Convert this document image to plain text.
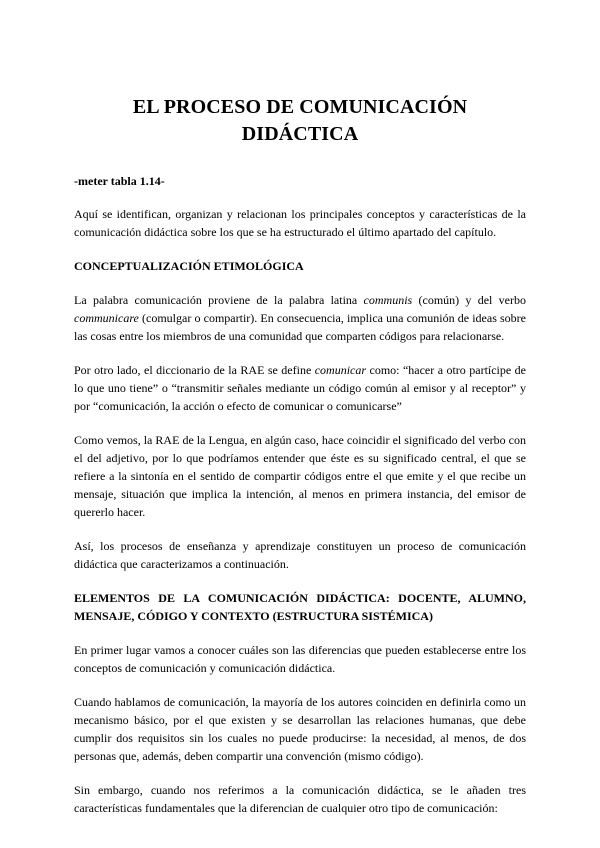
EL PROCESO DE COMUNICACIÓN DIDÁCTICA
-meter tabla 1.14-

Aquí se identifican, organizan y relacionan los principales conceptos y características de la comunicación didáctica sobre los que se ha estructurado el último apartado del capítulo.

CONCEPTUALIZACIÓN ETIMOLÓGICA

La palabra comunicación proviene de la palabra latina communis (común) y del verbo communicare (comulgar o compartir). En consecuencia, implica una comunión de ideas sobre las cosas entre los miembros de una comunidad que comparten códigos para relacionarse.

Por otro lado, el diccionario de la RAE se define comunicar como: “hacer a otro partícipe de lo que uno tiene” o “transmitir señales mediante un código común al emisor y al receptor” y por “comunicación, la acción o efecto de comunicar o comunicarse”

Como vemos, la RAE de la Lengua, en algún caso, hace coincidir el significado del verbo con el del adjetivo, por lo que podríamos entender que éste es su significado central, el que se refiere a la sintonía en el sentido de compartir códigos entre el que emite y el que recibe un mensaje, situación que implica la intención, al menos en primera instancia, del emisor de quererlo hacer.

Así, los procesos de enseñanza y aprendizaje constituyen un proceso de comunicación didáctica que caracterizamos a continuación.

ELEMENTOS DE LA COMUNICACIÓN DIDÁCTICA: DOCENTE, ALUMNO, MENSAJE, CÓDIGO Y CONTEXTO (ESTRUCTURA SISTÉMICA)

En primer lugar vamos a conocer cuáles son las diferencias que pueden establecerse entre los conceptos de comunicación y comunicación didáctica.

Cuando hablamos de comunicación, la mayoría de los autores coinciden en definirla como un mecanismo básico, por el que existen y se desarrollan las relaciones humanas, que debe cumplir dos requisitos sin los cuales no puede producirse: la necesidad, al menos, de dos personas que, además, deben compartir una convención (mismo código).

Sin embargo, cuando nos referimos a la comunicación didáctica, se le añaden tres características fundamentales que la diferencian de cualquier otro tipo de comunicación:
